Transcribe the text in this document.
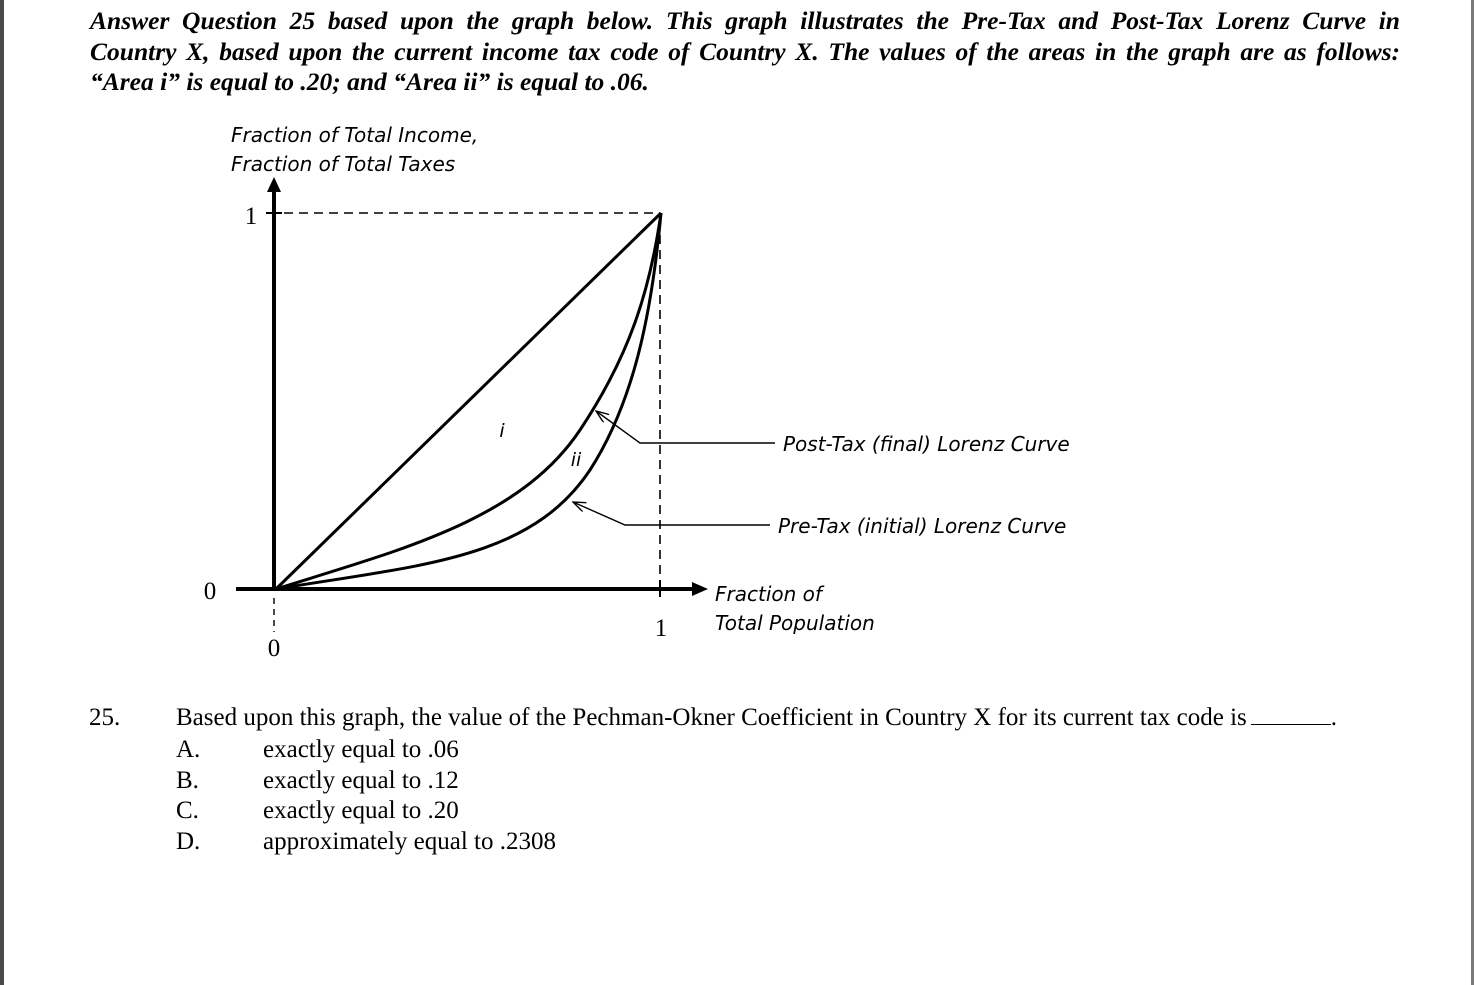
Answer Question 25 based upon the graph below. This graph illustrates the Pre-Tax and Post-Tax Lorenz Curve in
Country X, based upon the current income tax code of Country X. The values of the areas in the graph are as follows:
“Area i” is equal to .20; and “Area ii” is equal to .06.
Fraction of Total Income,
Fraction of Total Taxes
1
0
0
1
Fraction of
Total Population
i
ii
Post-Tax (final) Lorenz Curve
Pre-Tax (initial) Lorenz Curve
25. Based upon this graph, the value of the Pechman-Okner Coefficient in Country X for its current tax code is	.
A.	exactly equal to .06
B.	exactly equal to .12
C.	exactly equal to .20
D.	approximately equal to .2308
